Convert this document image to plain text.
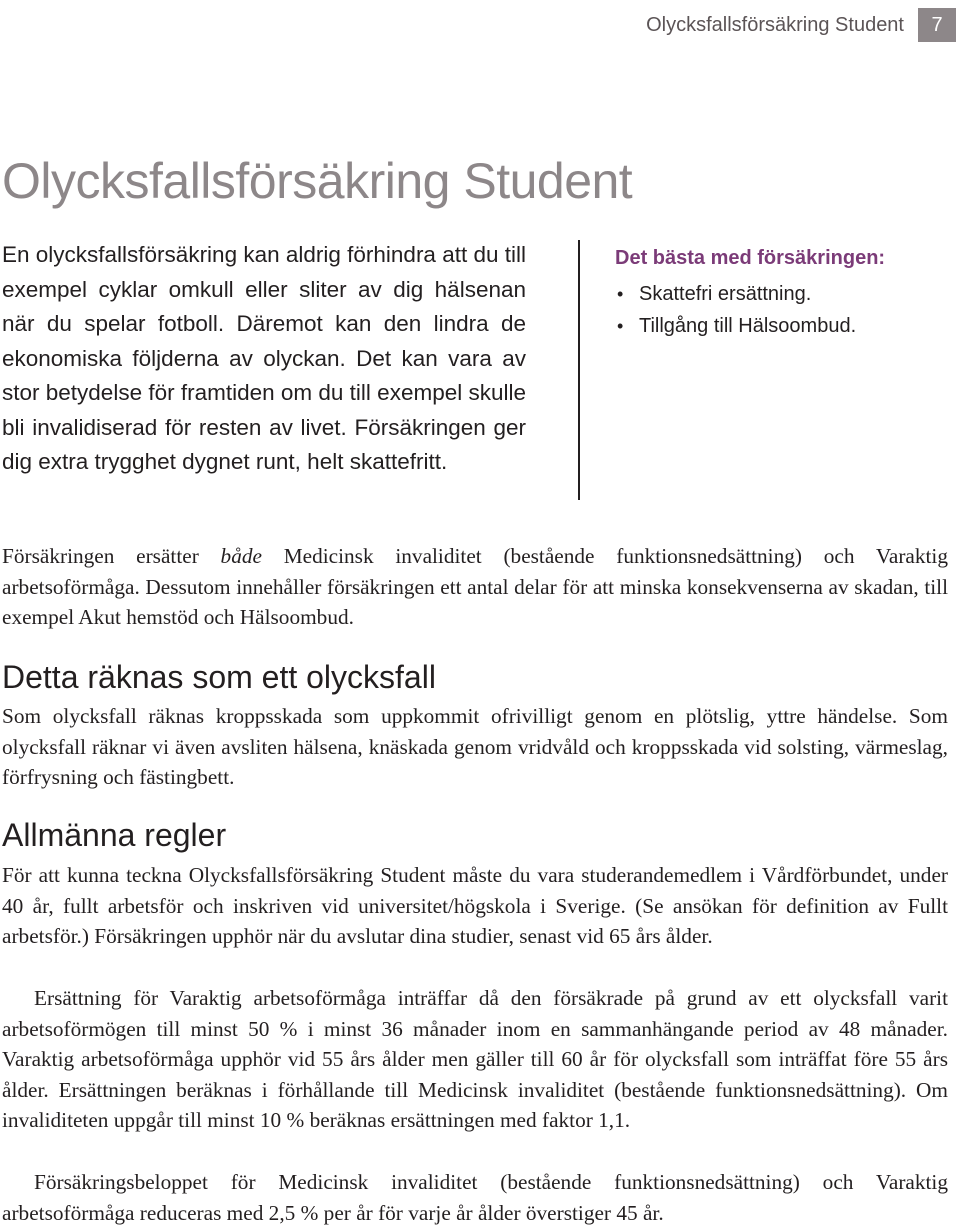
Olycksfallsförsäkring Student	7
Olycksfallsförsäkring Student

En olycksfallsförsäkring kan aldrig förhindra att du till exempel cyklar omkull eller sliter av dig hälsenan när du spelar fotboll. Däremot kan den lindra de ekonomiska följderna av olyckan. Det kan vara av stor betydelse för framtiden om du till exempel skulle bli invalidiserad för resten av livet. Försäkringen ger dig extra trygghet dygnet runt, helt skattefritt.

Det bästa med försäkringen:
• Skattefri ersättning.
• Tillgång till Hälsoombud.

Försäkringen ersätter både Medicinsk invaliditet (bestående funktionsnedsättning) och Varaktig arbetsoförmåga. Dessutom innehåller försäkringen ett antal delar för att minska konsekvenserna av skadan, till exempel Akut hemstöd och Hälsoombud.

Detta räknas som ett olycksfall

Som olycksfall räknas kroppsskada som uppkommit ofrivilligt genom en plötslig, yttre händelse. Som olycksfall räknar vi även avsliten hälsena, knäskada genom vridvåld och kroppsskada vid solsting, värmeslag, förfrysning och fästingbett.

Allmänna regler

För att kunna teckna Olycksfallsförsäkring Student måste du vara studerandemedlem i Vårdförbundet, under 40 år, fullt arbetsför och inskriven vid universitet/högskola i Sverige. (Se ansökan för definition av Fullt arbetsför.) Försäkringen upphör när du avslutar dina studier, senast vid 65 års ålder.

Ersättning för Varaktig arbetsoförmåga inträffar då den försäkrade på grund av ett olycksfall varit arbetsoförmögen till minst 50 % i minst 36 månader inom en sammanhängande period av 48 månader. Varaktig arbetsoförmåga upphör vid 55 års ålder men gäller till 60 år för olycksfall som inträffat före 55 års ålder. Ersättningen beräknas i förhållande till Medicinsk invaliditet (bestående funktionsnedsättning). Om invaliditeten uppgår till minst 10 % beräknas ersättningen med faktor 1,1.

Försäkringsbeloppet för Medicinsk invaliditet (bestående funktionsnedsättning) och Varaktig arbetsoförmåga reduceras med 2,5 % per år för varje år ålder överstiger 45 år.
